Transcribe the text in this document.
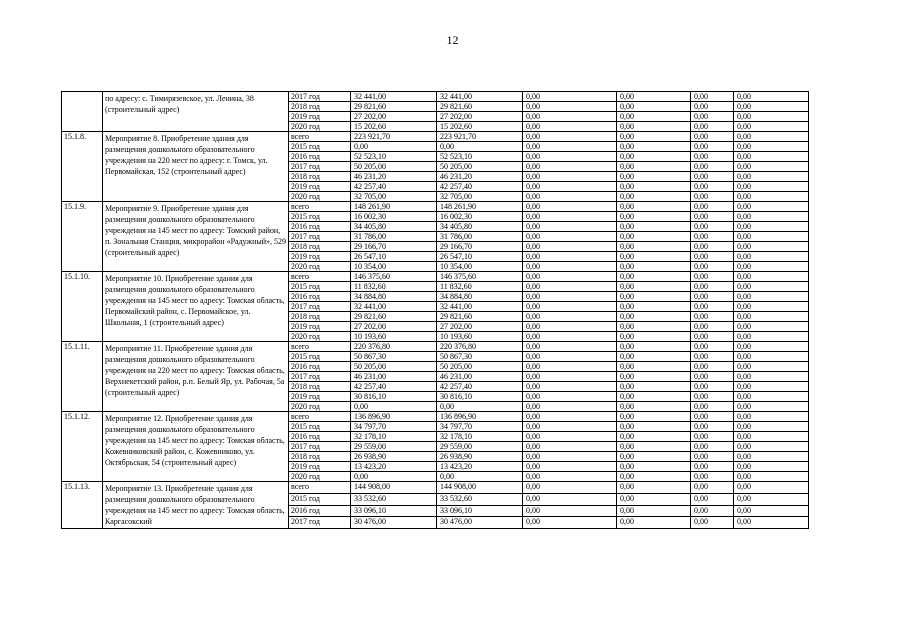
12
	по адресу: с. Тимирязевское, ул. Ленина, 38 (строительный адрес)	2017 год	32 441,00	32 441,00	0,00	0,00	0,00	0,00	
		2018 год	29 821,60	29 821,60	0,00	0,00	0,00	0,00	
		2019 год	27 202,00	27 202,00	0,00	0,00	0,00	0,00	
		2020 год	15 202,60	15 202,60	0,00	0,00	0,00	0,00	
15.1.8.	Мероприятие 8. Приобретение здания для размещения дошкольного образовательного учреждения на 220 мест по адресу: г. Томск, ул. Первомайская, 152 (строительный адрес)	всего	223 921,70	223 921,70	0,00	0,00	0,00	0,00	
		2015 год	0,00	0,00	0,00	0,00	0,00	0,00	
		2016 год	52 523,10	52 523,10	0,00	0,00	0,00	0,00	
		2017 год	50 205,00	50 205,00	0,00	0,00	0,00	0,00	
		2018 год	46 231,20	46 231,20	0,00	0,00	0,00	0,00	
		2019 год	42 257,40	42 257,40	0,00	0,00	0,00	0,00	
		2020 год	32 705,00	32 705,00	0,00	0,00	0,00	0,00	
15.1.9.	Мероприятие 9. Приобретение здания для размещения дошкольного образовательного учреждения на 145 мест по адресу: Томский район, п. Зональная Станция, микрорайон «Радужный», 529 (строительный адрес)	всего	148 261,90	148 261,90	0,00	0,00	0,00	0,00	
		2015 год	16 002,30	16 002,30	0,00	0,00	0,00	0,00	
		2016 год	34 405,80	34 405,80	0,00	0,00	0,00	0,00	
		2017 год	31 786,00	31 786,00	0,00	0,00	0,00	0,00	
		2018 год	29 166,70	29 166,70	0,00	0,00	0,00	0,00	
		2019 год	26 547,10	26 547,10	0,00	0,00	0,00	0,00	
		2020 год	10 354,00	10 354,00	0,00	0,00	0,00	0,00	
15.1.10.	Мероприятие 10. Приобретение здания для размещения дошкольного образовательного учреждения на 145 мест по адресу: Томская область, Первомайский район, с. Первомайское, ул. Школьная, 1 (строительный адрес)	всего	146 375,60	146 375,60	0,00	0,00	0,00	0,00	
		2015 год	11 832,60	11 832,60	0,00	0,00	0,00	0,00	
		2016 год	34 884,80	34 884,80	0,00	0,00	0,00	0,00	
		2017 год	32 441,00	32 441,00	0,00	0,00	0,00	0,00	
		2018 год	29 821,60	29 821,60	0,00	0,00	0,00	0,00	
		2019 год	27 202,00	27 202,00	0,00	0,00	0,00	0,00	
		2020 год	10 193,60	10 193,60	0,00	0,00	0,00	0,00	
15.1.11.	Мероприятие 11. Приобретение здания для размещения дошкольного образовательного учреждения на 220 мест по адресу: Томская область, Верхнекетский район, р.п. Белый Яр, ул. Рабочая, 5а (строительный адрес)	всего	220 376,80	220 376,80	0,00	0,00	0,00	0,00	
		2015 год	50 867,30	50 867,30	0,00	0,00	0,00	0,00	
		2016 год	50 205,00	50 205,00	0,00	0,00	0,00	0,00	
		2017 год	46 231,00	46 231,00	0,00	0,00	0,00	0,00	
		2018 год	42 257,40	42 257,40	0,00	0,00	0,00	0,00	
		2019 год	30 816,10	30 816,10	0,00	0,00	0,00	0,00	
		2020 год	0,00	0,00	0,00	0,00	0,00	0,00	
15.1.12.	Мероприятие 12. Приобретение здания для размещения дошкольного образовательного учреждения на 145 мест по адресу: Томская область, Кожевниковский район, с. Кожевниково, ул. Октябрьская, 54 (строительный адрес)	всего	136 896,90	136 896,90	0,00	0,00	0,00	0,00	
		2015 год	34 797,70	34 797,70	0,00	0,00	0,00	0,00	
		2016 год	32 178,10	32 178,10	0,00	0,00	0,00	0,00	
		2017 год	29 559,00	29 559,00	0,00	0,00	0,00	0,00	
		2018 год	26 938,90	26 938,90	0,00	0,00	0,00	0,00	
		2019 год	13 423,20	13 423,20	0,00	0,00	0,00	0,00	
		2020 год	0,00	0,00	0,00	0,00	0,00	0,00	
15.1.13.	Мероприятие 13. Приобретение здания для размещения дошкольного образовательного учреждения на 145 мест по адресу: Томская область, Каргасокский	всего	144 908,00	144 908,00	0,00	0,00	0,00	0,00	
		2015 год	33 532,60	33 532,60	0,00	0,00	0,00	0,00	
		2016 год	33 096,10	33 096,10	0,00	0,00	0,00	0,00	
		2017 год	30 476,00	30 476,00	0,00	0,00	0,00	0,00	
